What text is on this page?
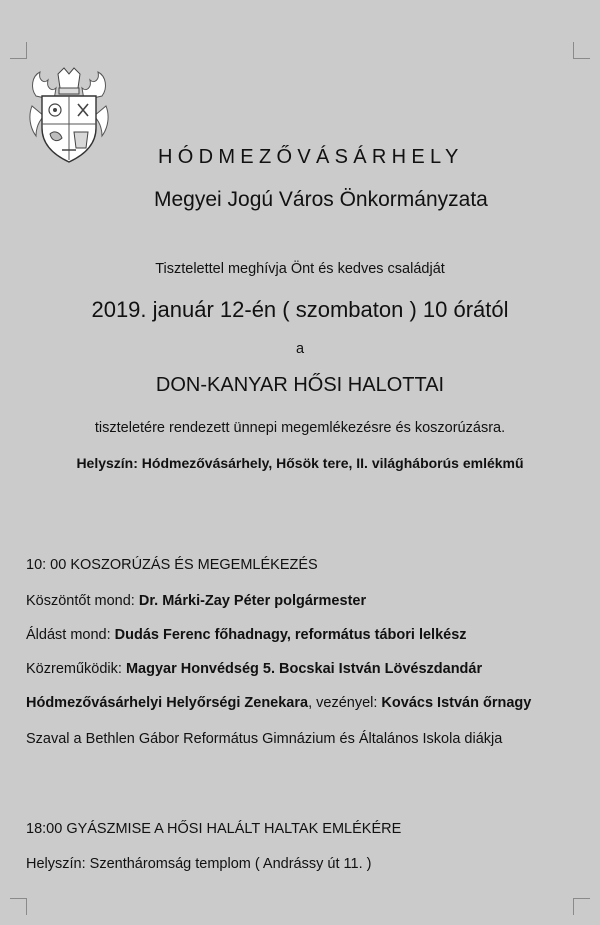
HÓDMEZŐVÁSÁRHELY
Megyei Jogú Város Önkormányzata
Tisztelettel meghívja Önt és kedves családját
2019. január 12-én ( szombaton ) 10 órától
a
DON-KANYAR HŐSI HALOTTAI
tiszteletére rendezett ünnepi megemlékezésre és koszorúzásra.
Helyszín: Hódmezővásárhely, Hősök tere, II. világháborús emlékmű
10: 00 KOSZORÚZÁS ÉS MEGEMLÉKEZÉS
Köszöntőt mond: Dr. Márki-Zay Péter polgármester
Áldást mond: Dudás Ferenc főhadnagy, református tábori lelkész
Közreműködik: Magyar Honvédség 5. Bocskai István Lövészdandár
Hódmezővásárhelyi Helyőrségi Zenekara, vezényel: Kovács István őrnagy
Szaval a Bethlen Gábor Református Gimnázium és Általános Iskola diákja
18:00 GYÁSZMISE A HŐSI HALÁLT HALTAK EMLÉKÉRE
Helyszín: Szentháromság templom ( Andrássy út 11. )
